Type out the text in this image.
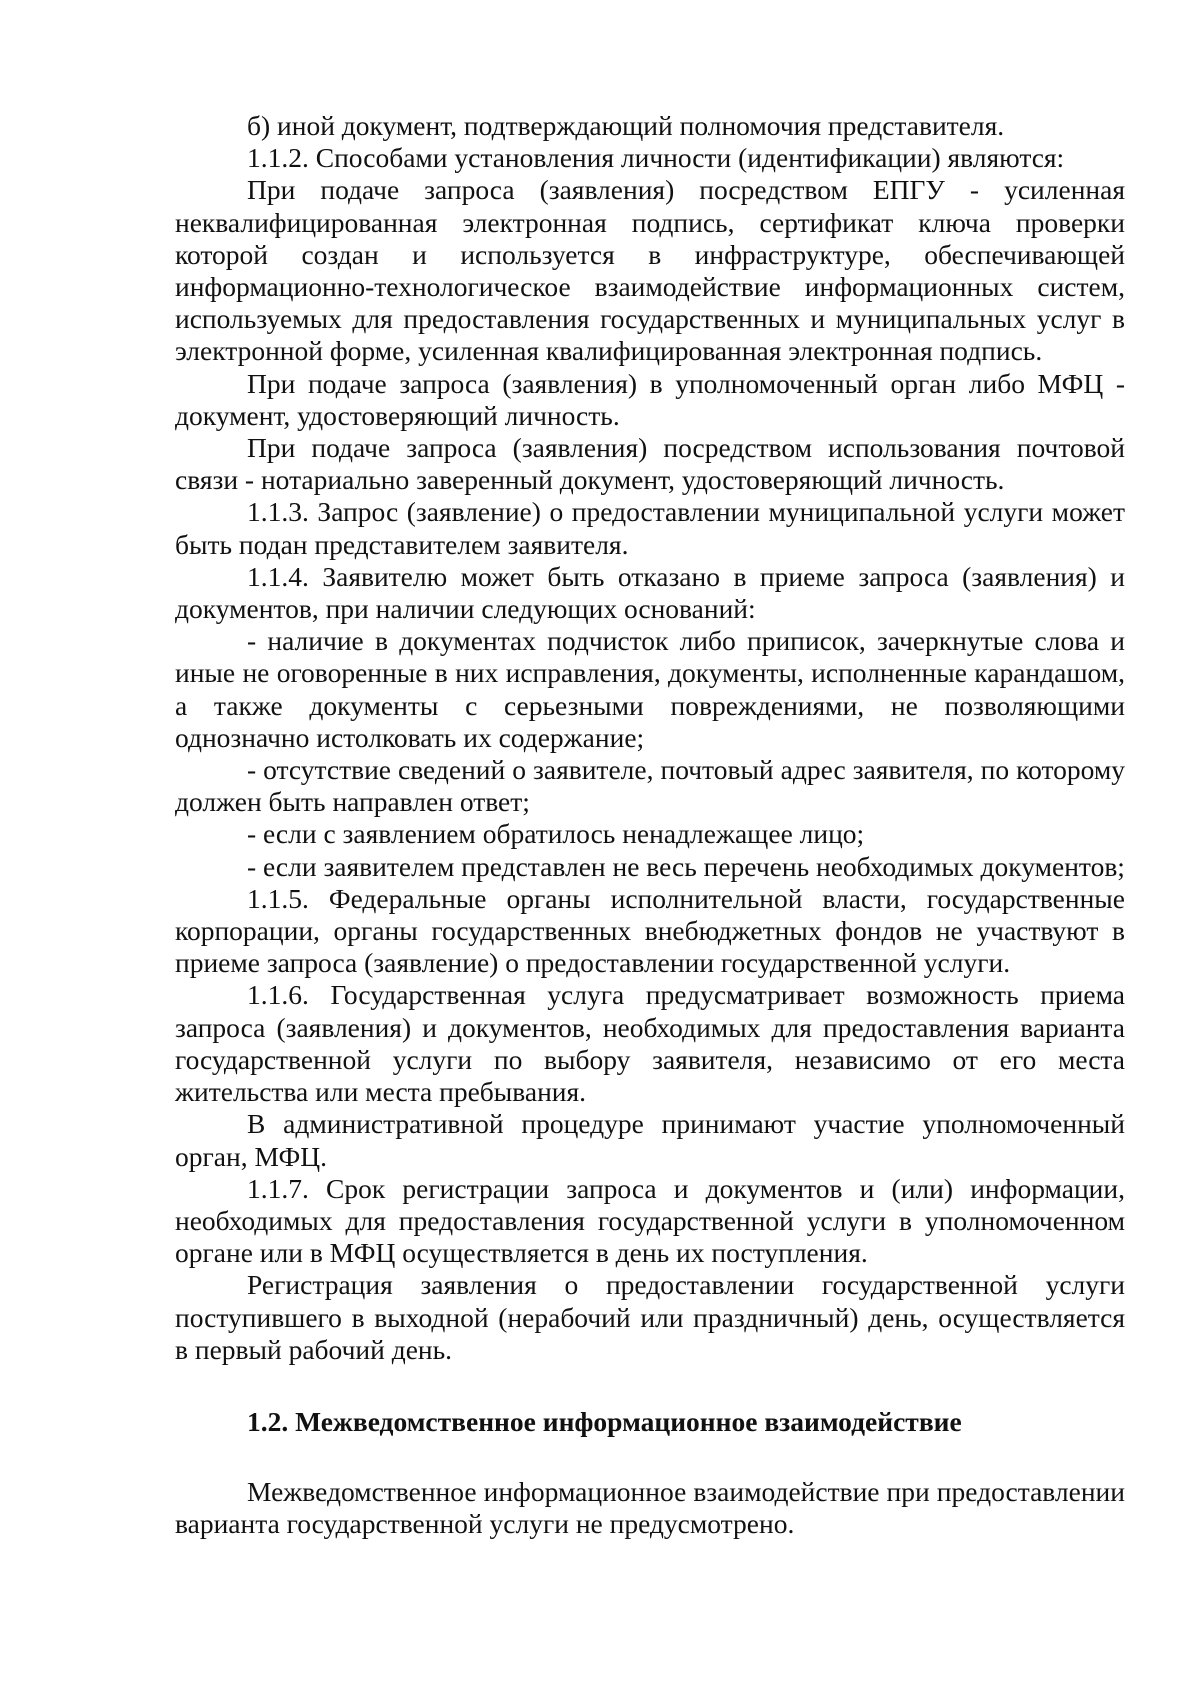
б) иной документ, подтверждающий полномочия представителя.

1.1.2. Способами установления личности (идентификации) являются:

При подаче запроса (заявления) посредством ЕПГУ - усиленная неквалифицированная электронная подпись, сертификат ключа проверки которой создан и используется в инфраструктуре, обеспечивающей информационно-технологическое взаимодействие информационных систем, используемых для предоставления государственных и муниципальных услуг в электронной форме, усиленная квалифицированная электронная подпись.

При подаче запроса (заявления) в уполномоченный орган либо МФЦ - документ, удостоверяющий личность.

При подаче запроса (заявления) посредством использования почтовой связи - нотариально заверенный документ, удостоверяющий личность.

1.1.3. Запрос (заявление) о предоставлении муниципальной услуги может быть подан представителем заявителя.

1.1.4. Заявителю может быть отказано в приеме запроса (заявления) и документов, при наличии следующих оснований:

- наличие в документах подчисток либо приписок, зачеркнутые слова и иные не оговоренные в них исправления, документы, исполненные карандашом, а также документы с серьезными повреждениями, не позволяющими однозначно истолковать их содержание;

- отсутствие сведений о заявителе, почтовый адрес заявителя, по которому должен быть направлен ответ;

- если с заявлением обратилось ненадлежащее лицо;

- если заявителем представлен не весь перечень необходимых документов;

1.1.5. Федеральные органы исполнительной власти, государственные корпорации, органы государственных внебюджетных фондов не участвуют в приеме запроса (заявление) о предоставлении государственной услуги.

1.1.6. Государственная услуга предусматривает возможность приема запроса (заявления) и документов, необходимых для предоставления варианта государственной услуги по выбору заявителя, независимо от его места жительства или места пребывания.

В административной процедуре принимают участие уполномоченный орган, МФЦ.

1.1.7. Срок регистрации запроса и документов и (или) информации, необходимых для предоставления государственной услуги в уполномоченном органе или в МФЦ осуществляется в день их поступления.

Регистрация заявления о предоставлении государственной услуги поступившего в выходной (нерабочий или праздничный) день, осуществляется в первый рабочий день.

1.2. Межведомственное информационное взаимодействие

Межведомственное информационное взаимодействие при предоставлении варианта государственной услуги не предусмотрено.
